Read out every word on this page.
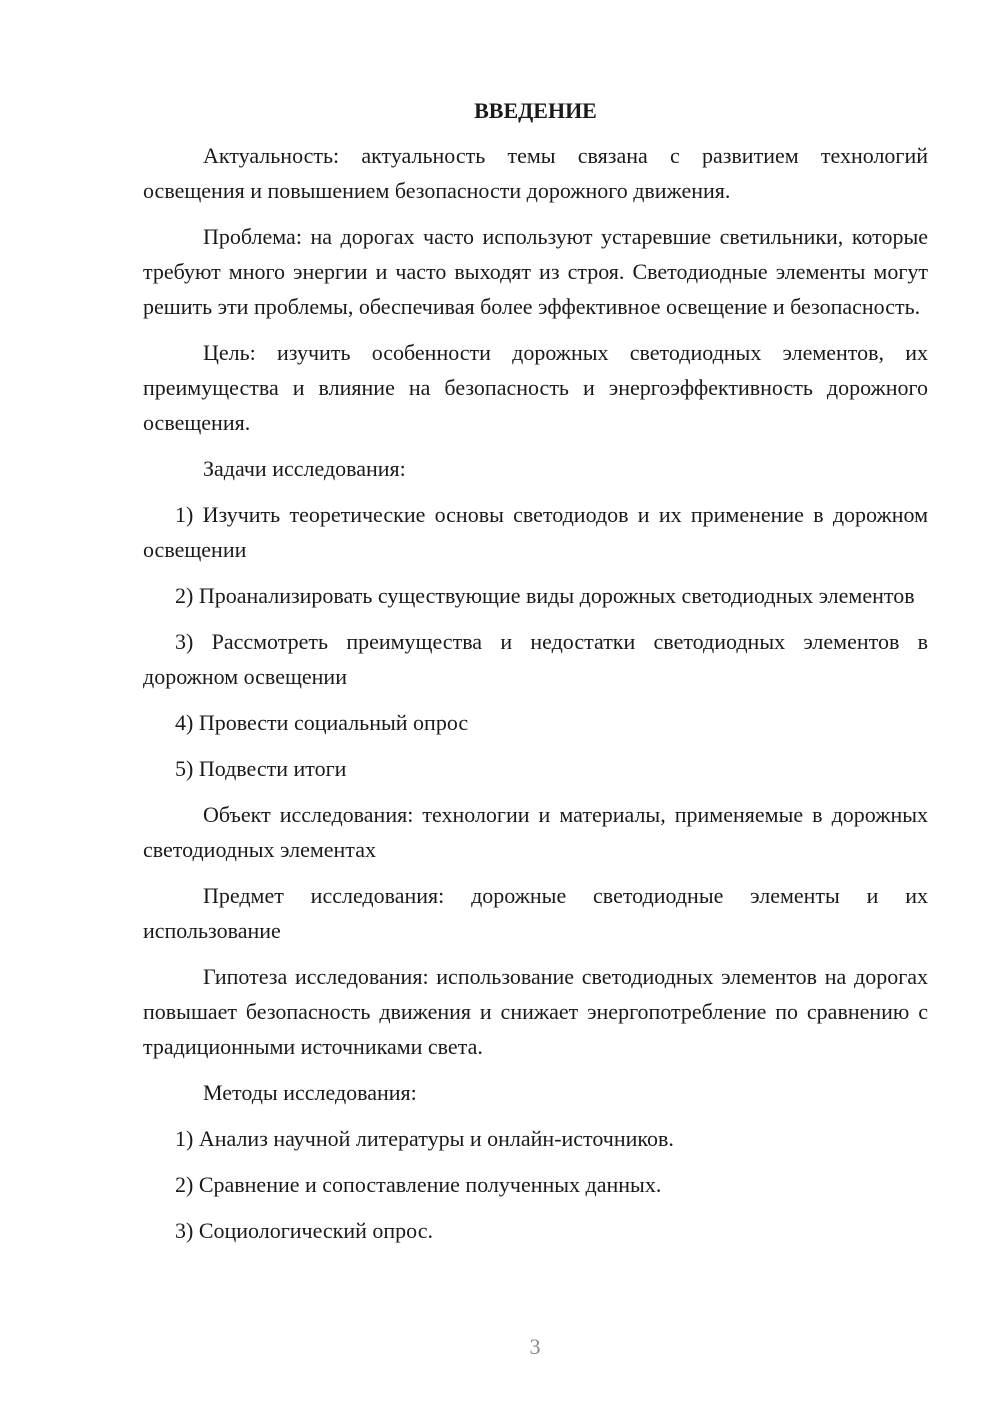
ВВЕДЕНИЕ

Актуальность: актуальность темы связана с развитием технологий освещения и повышением безопасности дорожного движения.

Проблема: на дорогах часто используют устаревшие светильники, которые требуют много энергии и часто выходят из строя. Светодиодные элементы могут решить эти проблемы, обеспечивая более эффективное освещение и безопасность.

Цель: изучить особенности дорожных светодиодных элементов, их преимущества и влияние на безопасность и энергоэффективность дорожного освещения.

Задачи исследования:

1) Изучить теоретические основы светодиодов и их применение в дорожном освещении

2) Проанализировать существующие виды дорожных светодиодных элементов

3) Рассмотреть преимущества и недостатки светодиодных элементов в дорожном освещении

4) Провести социальный опрос

5) Подвести итоги

Объект исследования: технологии и материалы, применяемые в дорожных светодиодных элементах

Предмет исследования: дорожные светодиодные элементы и их использование

Гипотеза исследования: использование светодиодных элементов на дорогах повышает безопасность движения и снижает энергопотребление по сравнению с традиционными источниками света.

Методы исследования:

1) Анализ научной литературы и онлайн-источников.

2) Сравнение и сопоставление полученных данных.

3) Социологический опрос.

3
